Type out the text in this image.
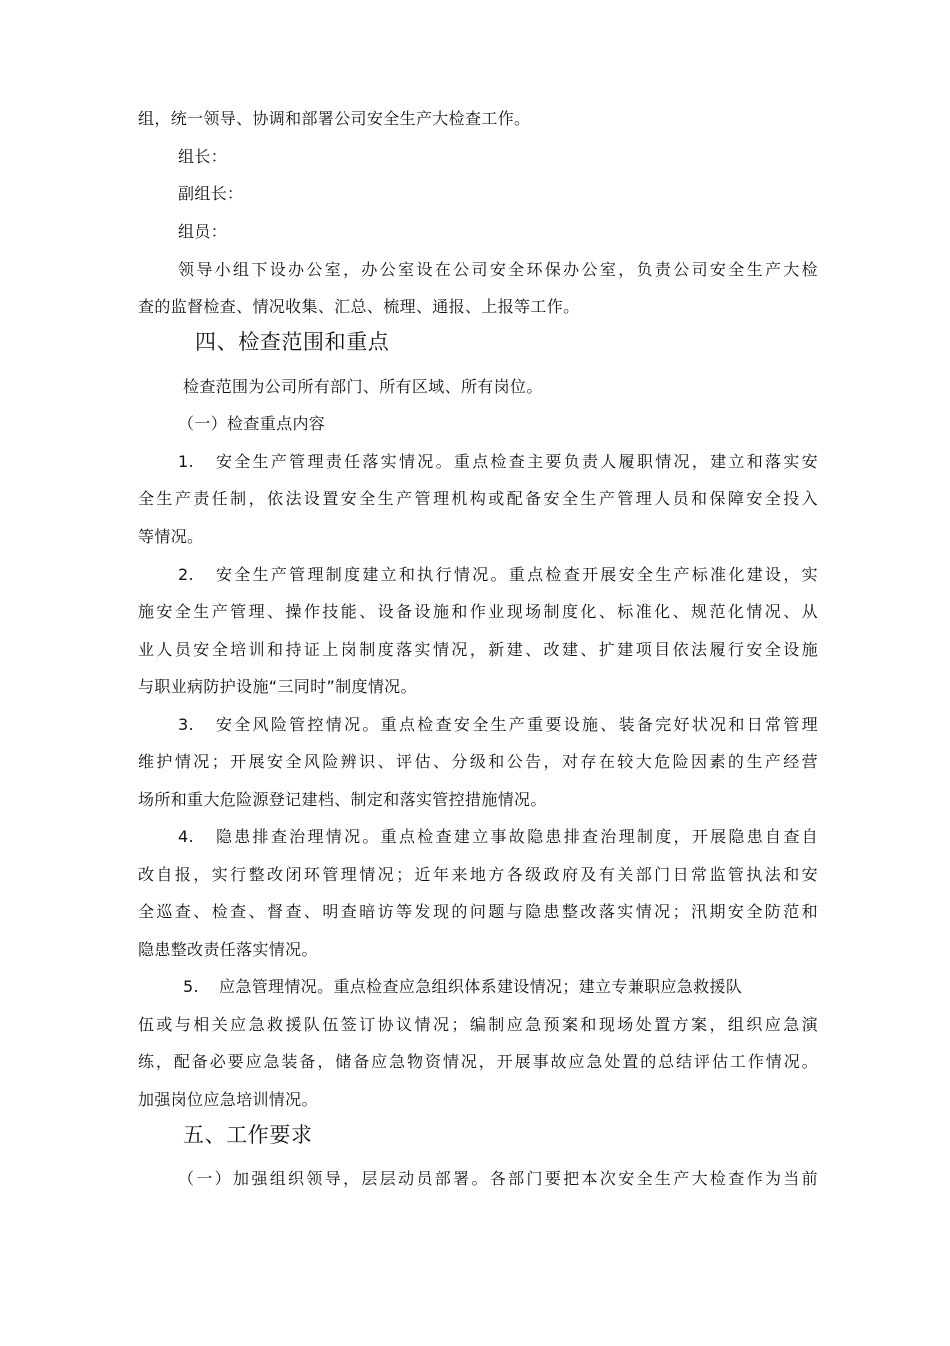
组，统一领导、协调和部署公司安全生产大检查工作。

组长：

副组长：

组员：

领导小组下设办公室，办公室设在公司安全环保办公室，负责公司安全生产大检

查的监督检查、情况收集、汇总、梳理、通报、上报等工作。

四、检查范围和重点

检查范围为公司所有部门、所有区域、所有岗位。

（一）检查重点内容

1. 安全生产管理责任落实情况。重点检查主要负责人履职情况，建立和落实安

全生产责任制，依法设置安全生产管理机构或配备安全生产管理人员和保障安全投入

等情况。

2. 安全生产管理制度建立和执行情况。重点检查开展安全生产标准化建设，实

施安全生产管理、操作技能、设备设施和作业现场制度化、标准化、规范化情况、从

业人员安全培训和持证上岗制度落实情况，新建、改建、扩建项目依法履行安全设施

与职业病防护设施“三同时”制度情况。

3. 安全风险管控情况。重点检查安全生产重要设施、装备完好状况和日常管理

维护情况；开展安全风险辨识、评估、分级和公告，对存在较大危险因素的生产经营

场所和重大危险源登记建档、制定和落实管控措施情况。

4. 隐患排查治理情况。重点检查建立事故隐患排查治理制度，开展隐患自查自

改自报，实行整改闭环管理情况；近年来地方各级政府及有关部门日常监管执法和安

全巡查、检查、督查、明查暗访等发现的问题与隐患整改落实情况；汛期安全防范和

隐患整改责任落实情况。

5. 应急管理情况。重点检查应急组织体系建设情况；建立专兼职应急救援队

伍或与相关应急救援队伍签订协议情况；编制应急预案和现场处置方案，组织应急演

练，配备必要应急装备，储备应急物资情况，开展事故应急处置的总结评估工作情况。

加强岗位应急培训情况。

五、工作要求

（一）加强组织领导，层层动员部署。各部门要把本次安全生产大检查作为当前
